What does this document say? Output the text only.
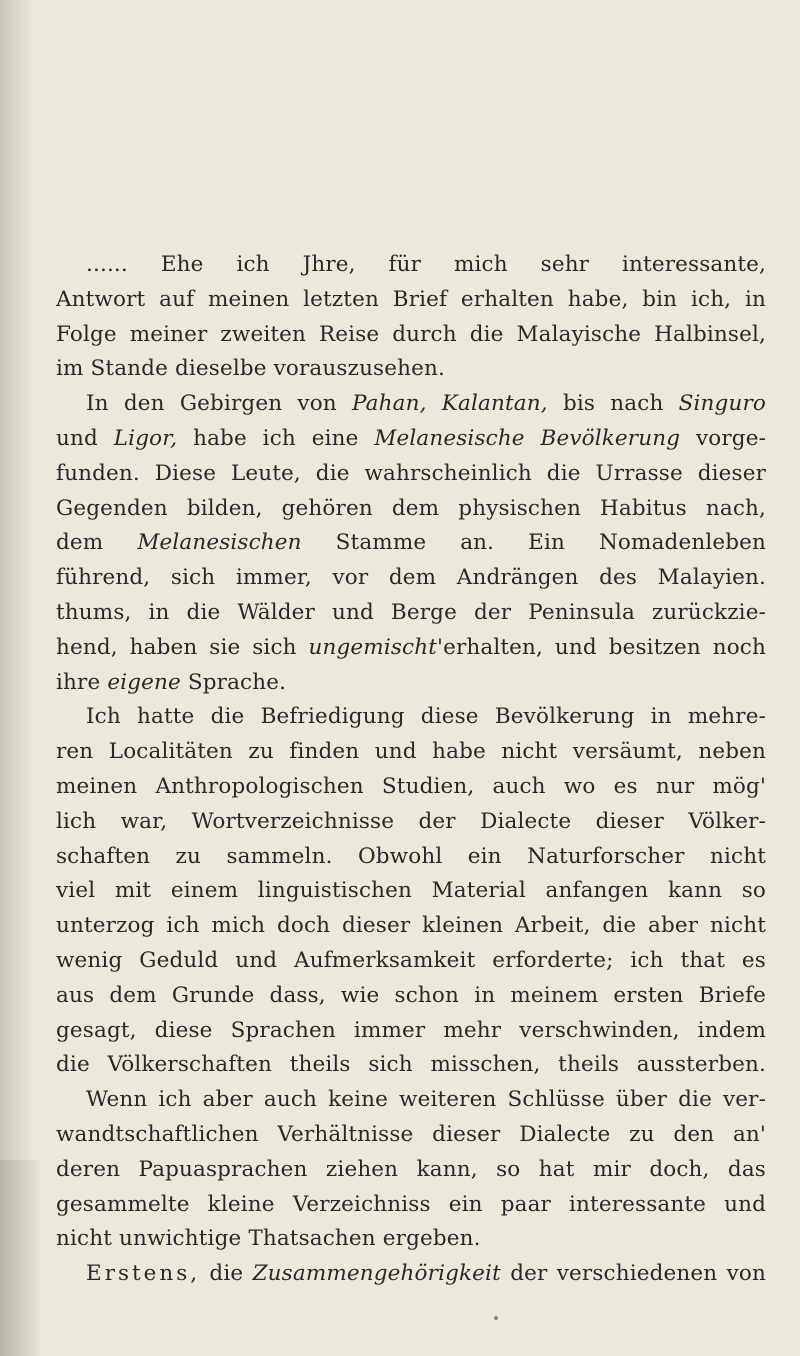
...... Ehe ich Jhre, für mich sehr interessante,
Antwort auf meinen letzten Brief erhalten habe, bin ich, in
Folge meiner zweiten Reise durch die Malayische Halbinsel,
im Stande dieselbe vorauszusehen.
In den Gebirgen von Pahan, Kalantan, bis nach Singuro
und Ligor, habe ich eine Melanesische Bevölkerung vorge-
funden. Diese Leute, die wahrscheinlich die Urrasse dieser
Gegenden bilden, gehören dem physischen Habitus nach,
dem Melanesischen Stamme an. Ein Nomadenleben
führend, sich immer, vor dem Andrängen des Malayien.
thums, in die Wälder und Berge der Peninsula zurückzie-
hend, haben sie sich ungemischt'erhalten, und besitzen noch
ihre eigene Sprache.
Ich hatte die Befriedigung diese Bevölkerung in mehre-
ren Localitäten zu finden und habe nicht versäumt, neben
meinen Anthropologischen Studien, auch wo es nur mög'
lich war, Wortverzeichnisse der Dialecte dieser Völker-
schaften zu sammeln. Obwohl ein Naturforscher nicht
viel mit einem linguistischen Material anfangen kann so
unterzog ich mich doch dieser kleinen Arbeit, die aber nicht
wenig Geduld und Aufmerksamkeit erforderte; ich that es
aus dem Grunde dass, wie schon in meinem ersten Briefe
gesagt, diese Sprachen immer mehr verschwinden, indem
die Völkerschaften theils sich misschen, theils aussterben.
Wenn ich aber auch keine weiteren Schlüsse über die ver-
wandtschaftlichen Verhältnisse dieser Dialecte zu den an'
deren Papuasprachen ziehen kann, so hat mir doch, das
gesammelte kleine Verzeichniss ein paar interessante und
nicht unwichtige Thatsachen ergeben.
Erstens, die Zusammengehörigkeit der verschiedenen von
